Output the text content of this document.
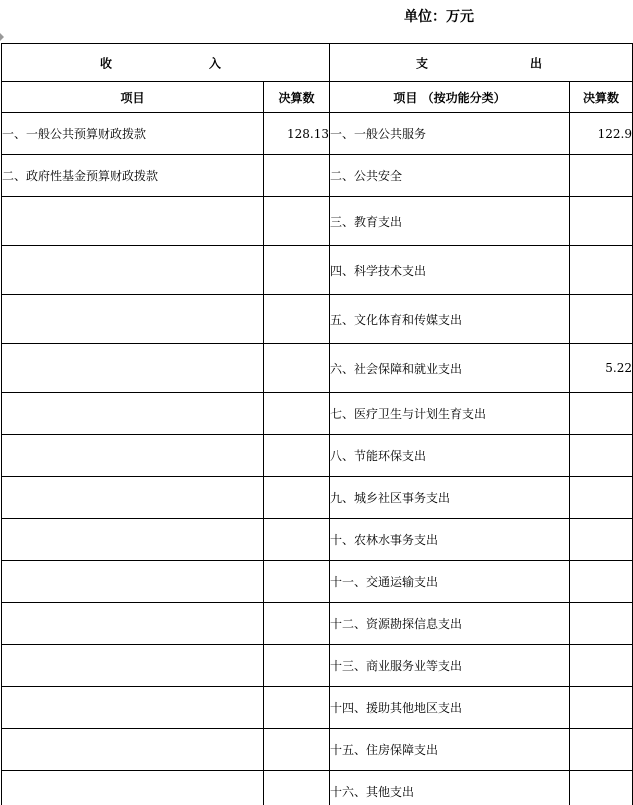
单位：万元
收 入		支 出	

项目	决算数	项目 （按功能分类）	决算数
一、一般公共预算财政拨款	128.13	一、一般公共服务	122.9
二、政府性基金预算财政拨款		二、公共安全	
		三、教育支出	
		四、科学技术支出	
		五、文化体育和传媒支出	
		六、社会保障和就业支出	5.22
		七、医疗卫生与计划生育支出	
		八、节能环保支出	
		九、城乡社区事务支出	
		十、农林水事务支出	
		十一、交通运输支出	
		十二、资源勘探信息支出	
		十三、商业服务业等支出	
		十四、援助其他地区支出	
		十五、住房保障支出	
		十六、其他支出	
